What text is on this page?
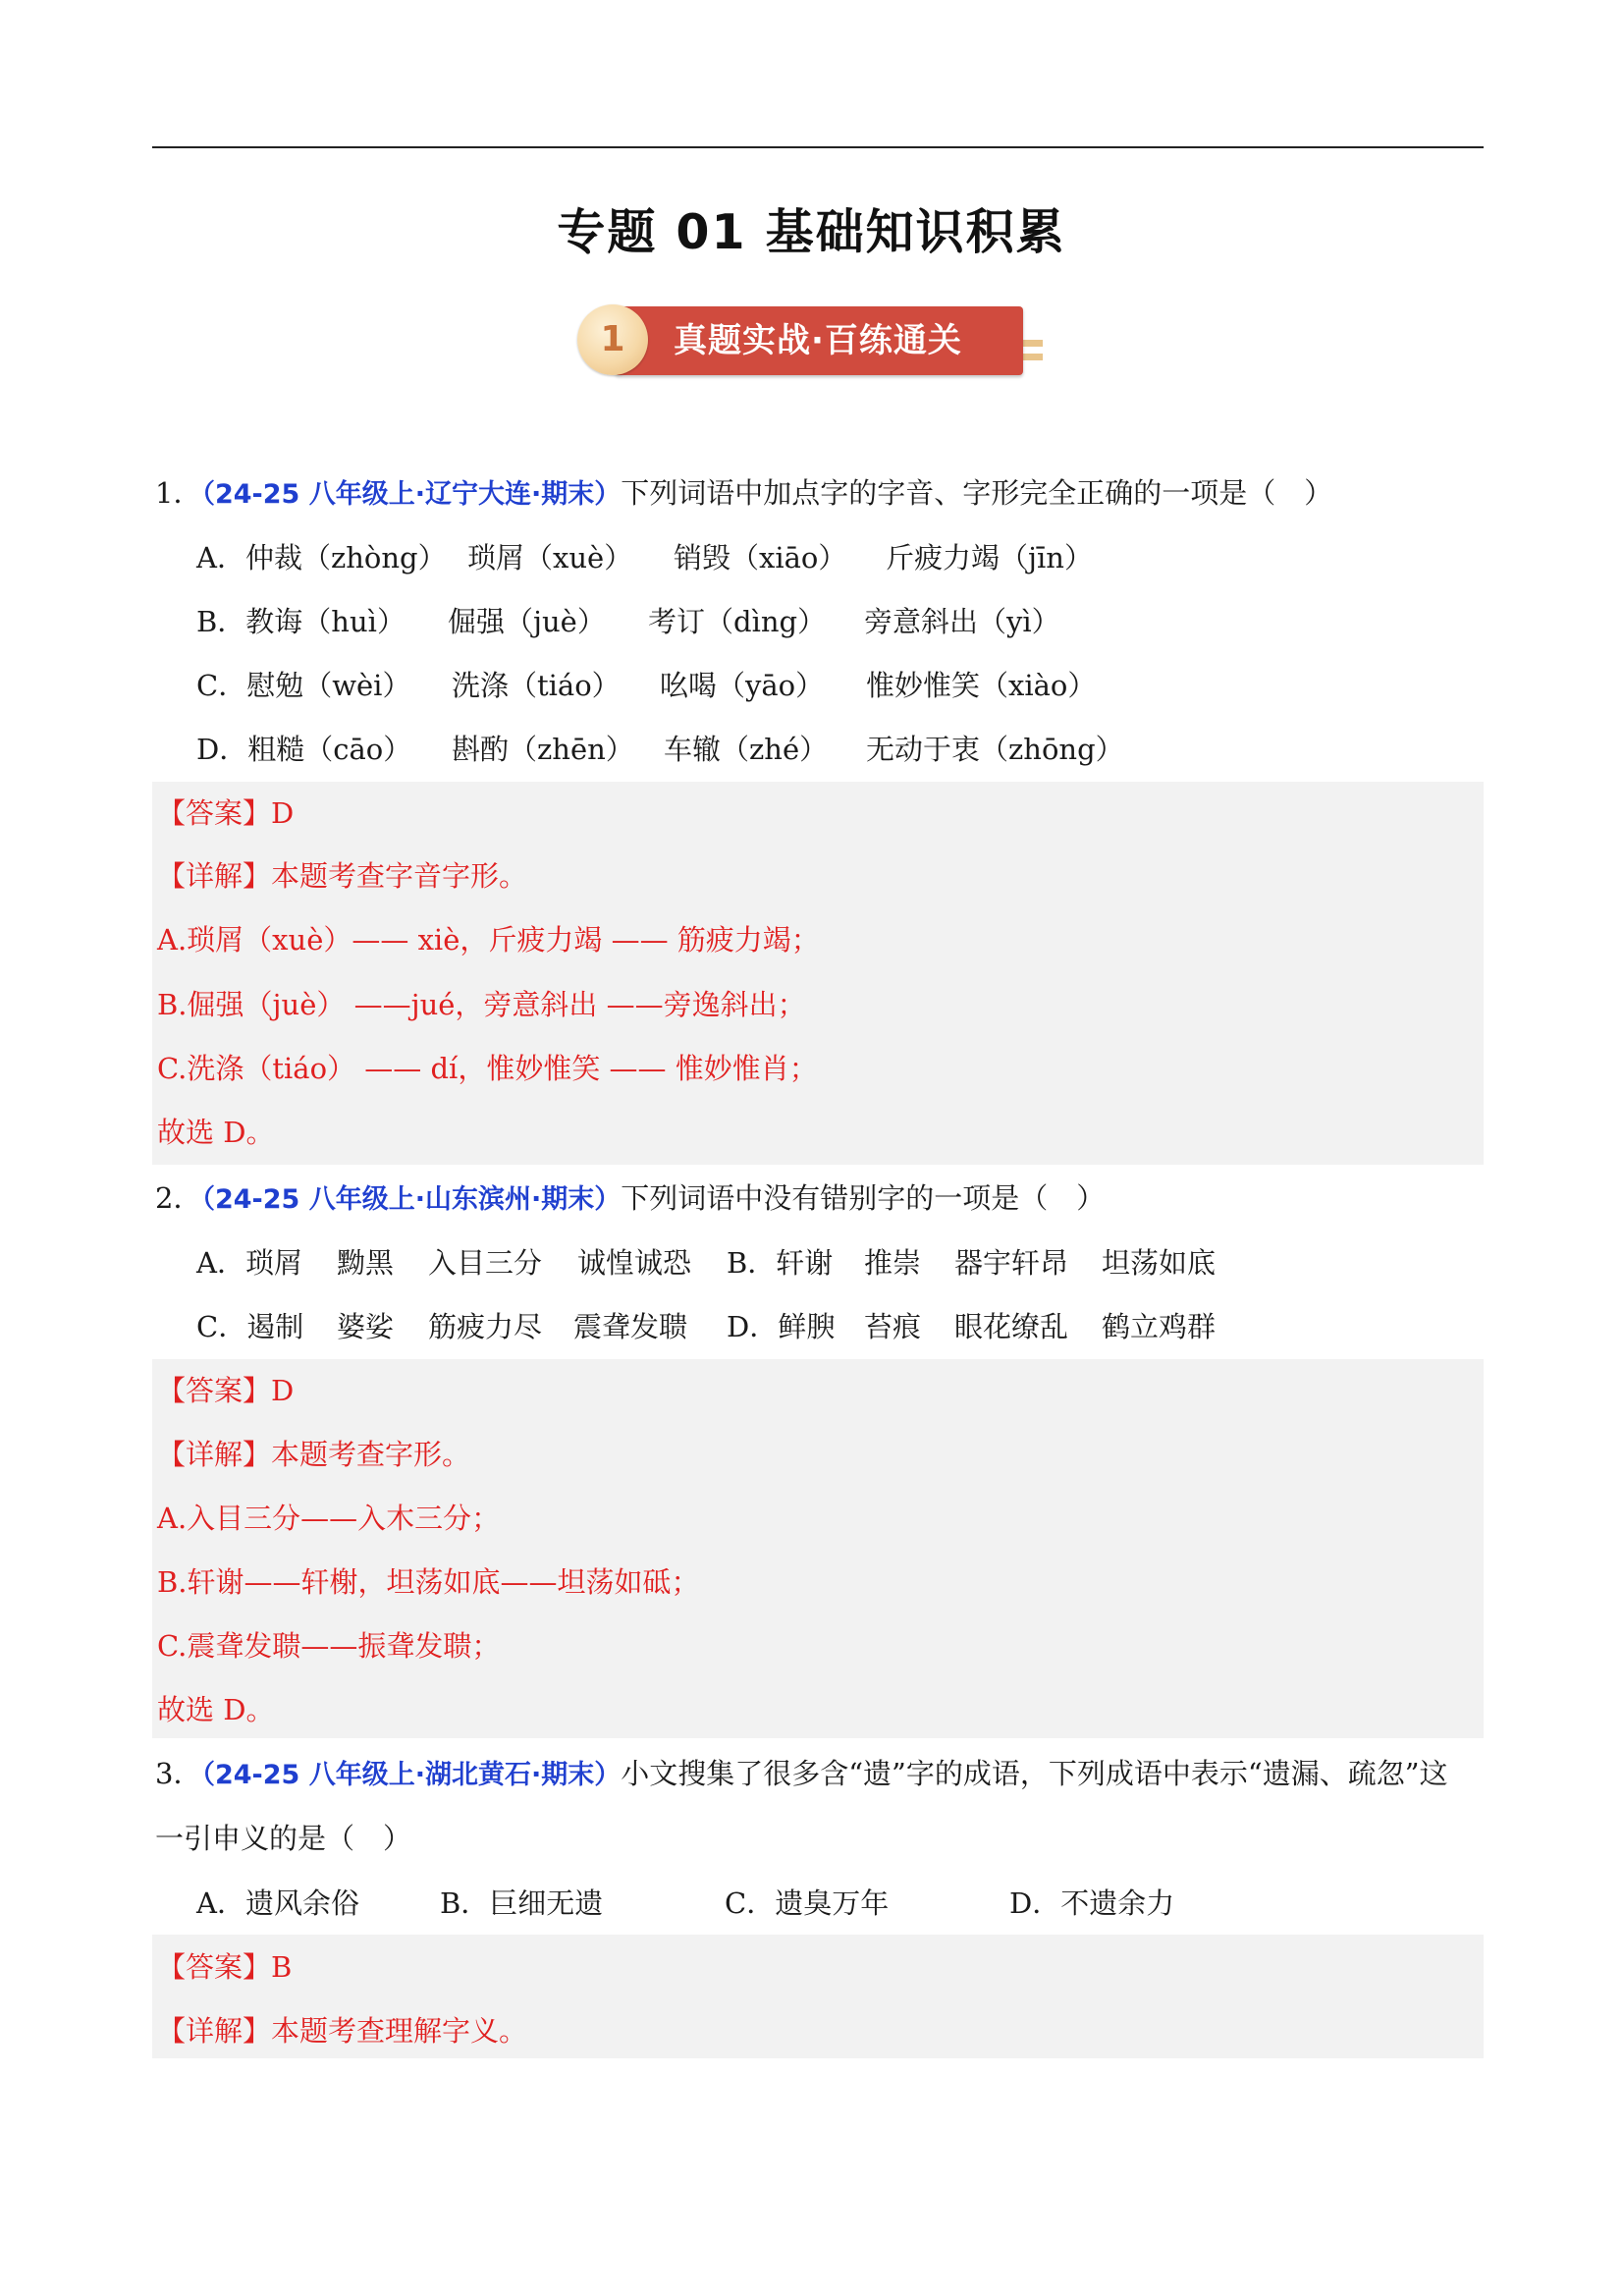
专题 01 基础知识积累
真题实战·百练通关
1
1．（24-25 八年级上·辽宁大连·期末）下列词语中加点字的字音、字形完全正确的一项是（　）
A．仲裁（zhòng） 琐屑（xuè） 销毁（xiāo） 斤疲力竭（jīn）
B．教诲（huì） 倔强（juè） 考订（dìng） 旁意斜出（yì）
C．慰勉（wèi） 洗涤（tiáo） 吆喝（yāo） 惟妙惟笑（xiào）
D．粗糙（cāo） 斟酌（zhēn） 车辙（zhé） 无动于衷（zhōng）
【答案】D
【详解】本题考查字音字形。
A.琐屑（xuè）—— xiè，斤疲力竭 —— 筋疲力竭；
B.倔强（juè） ——jué，旁意斜出 ——旁逸斜出；
C.洗涤（tiáo） —— dí，惟妙惟笑 —— 惟妙惟肖；
故选 D。
2．（24-25 八年级上·山东滨州·期末）下列词语中没有错别字的一项是（　）
A．琐屑 黝黑 入目三分 诚惶诚恐 B．轩谢 推崇 器宇轩昂 坦荡如底
C．遏制 婆娑 筋疲力尽 震聋发聩 D．鲜腴 苔痕 眼花缭乱 鹤立鸡群
【答案】D
【详解】本题考查字形。
A.入目三分——入木三分；
B.轩谢——轩榭，坦荡如底——坦荡如砥；
C.震聋发聩——振聋发聩；
故选 D。
3．（24-25 八年级上·湖北黄石·期末）小文搜集了很多含“遗”字的成语，下列成语中表示“遗漏、疏忽”这
一引申义的是（　）
A．遗风余俗	B．巨细无遗	C．遗臭万年	D．不遗余力
【答案】B
【详解】本题考查理解字义。
